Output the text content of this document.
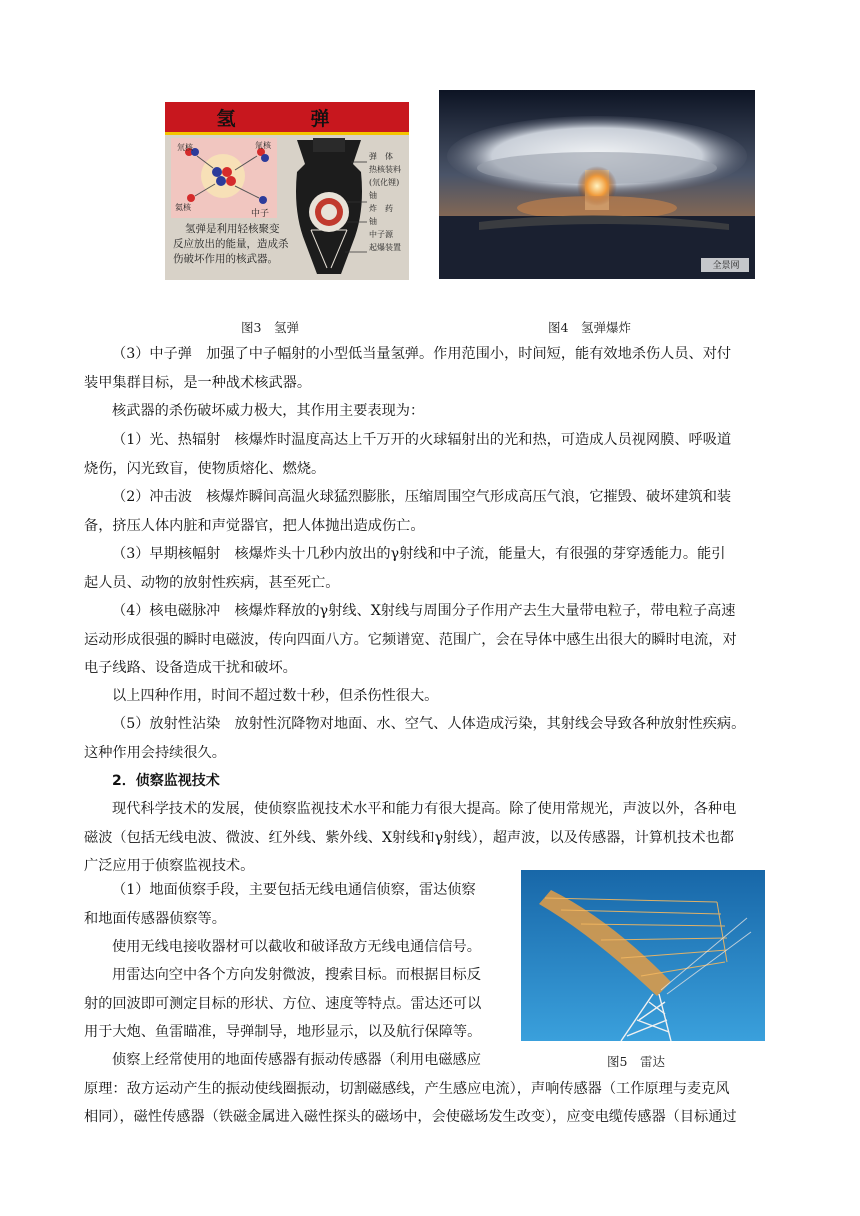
氢　弹
氘核	氚核
氦核
中子
氢弹是利用轻核聚变
反应放出的能量，造成杀
伤破坏作用的核武器。
弹　体
热核装料
(氘化锂)
铀
炸　药
铀
中子源
起爆装置
全景网
图3　氢弹	图4　氢弹爆炸
（3）中子弹　加强了中子幅射的小型低当量氢弹。作用范围小，时间短，能有效地杀伤人员、对付
装甲集群目标，是一种战术核武器。
核武器的杀伤破坏威力极大，其作用主要表现为：
（1）光、热辐射　核爆炸时温度高达上千万开的火球辐射出的光和热，可造成人员视网膜、呼吸道
烧伤，闪光致盲，使物质熔化、燃烧。
（2）冲击波　核爆炸瞬间高温火球猛烈膨胀，压缩周围空气形成高压气浪，它摧毁、破坏建筑和装
备，挤压人体内脏和声觉器官，把人体抛出造成伤亡。
（3）早期核幅射　核爆炸头十几秒内放出的γ射线和中子流，能量大，有很强的芽穿透能力。能引
起人员、动物的放射性疾病，甚至死亡。
（4）核电磁脉冲　核爆炸释放的γ射线、X射线与周围分子作用产去生大量带电粒子，带电粒子高速
运动形成很强的瞬时电磁波，传向四面八方。它频谱宽、范围广，会在导体中感生出很大的瞬时电流，对
电子线路、设备造成干扰和破坏。
以上四种作用，时间不超过数十秒，但杀伤性很大。
（5）放射性沾染　放射性沉降物对地面、水、空气、人体造成污染，其射线会导致各种放射性疾病。
这种作用会持续很久。
2．侦察监视技术
现代科学技术的发展，使侦察监视技术水平和能力有很大提高。除了使用常规光，声波以外，各种电
磁波（包括无线电波、微波、红外线、紫外线、X射线和γ射线），超声波，以及传感器，计算机技术也都
广泛应用于侦察监视技术。
（1）地面侦察手段，主要包括无线电通信侦察，雷达侦察
和地面传感器侦察等。
使用无线电接收器材可以截收和破译敌方无线电通信信号。
用雷达向空中各个方向发射微波，搜索目标。而根据目标反
射的回波即可测定目标的形状、方位、速度等特点。雷达还可以
用于大炮、鱼雷瞄准，导弹制导，地形显示，以及航行保障等。
侦察上经常使用的地面传感器有振动传感器（利用电磁感应
原理：敌方运动产生的振动使线圈振动，切割磁感线，产生感应电流），声响传感器（工作原理与麦克风
相同），磁性传感器（铁磁金属进入磁性探头的磁场中，会使磁场发生改变），应变电缆传感器（目标通过
图5　雷达
